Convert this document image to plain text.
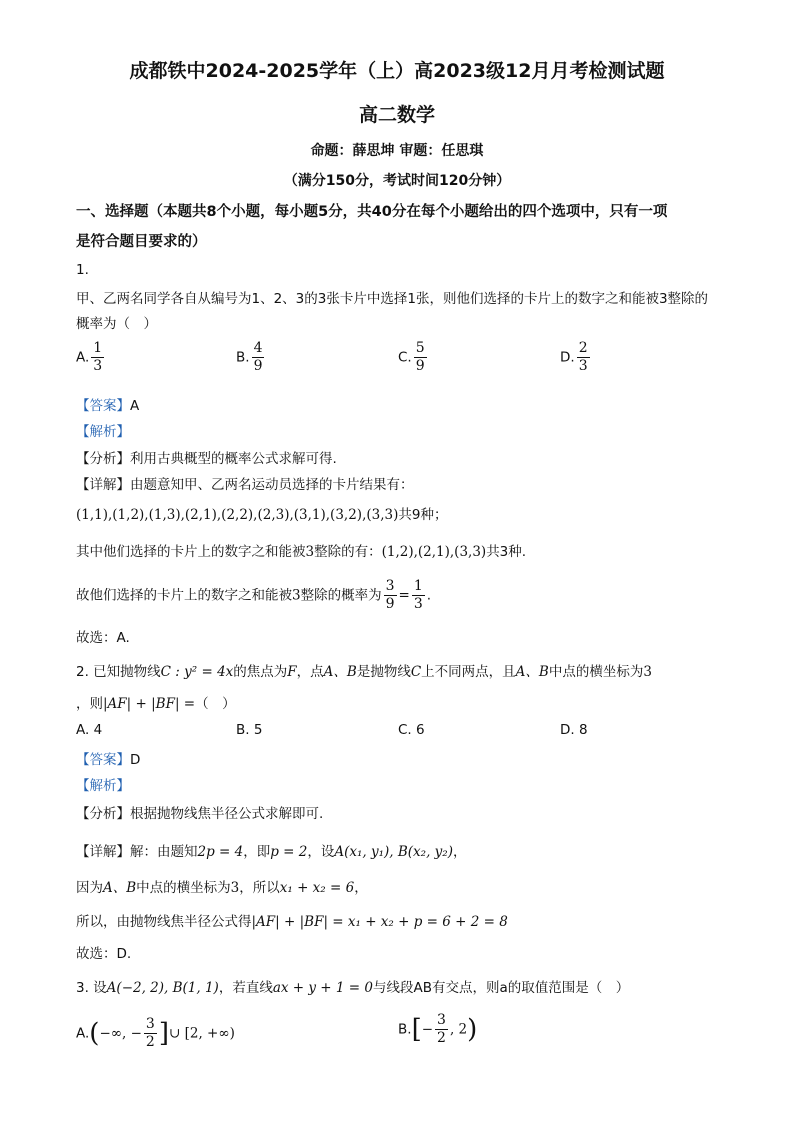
成都铁中2024-2025学年（上）高2023级12月月考检测试题
高二数学
命题：薛思坤 审题：任思琪
（满分150分，考试时间120分钟）
一、选择题（本题共8个小题，每小题5分，共40分在每个小题给出的四个选项中，只有一项
是符合题目要求的）
1.
甲、乙两名同学各自从编号为1、2、3的3张卡片中选择1张，则他们选择的卡片上的数字之和能被3整除的
概率为（　）
A. $\frac{1}{3}$	B. $\frac{4}{9}$	C. $\frac{5}{9}$	D. $\frac{2}{3}$
【答案】A
【解析】
【分析】利用古典概型的概率公式求解可得.
【详解】由题意知甲、乙两名运动员选择的卡片结果有：
(1,1),(1,2),(1,3),(2,1),(2,2),(2,3),(3,1),(3,2),(3,3)共9种；
其中他们选择的卡片上的数字之和能被3整除的有：(1,2),(2,1),(3,3)共3种.
故他们选择的卡片上的数字之和能被3整除的概率为 $\frac{3}{9} = \frac{1}{3}$ .
故选：A.
2. 已知抛物线C : y² = 4x的焦点为F，点A、B是抛物线C上不同两点，且A、B中点的横坐标为3
，则|AF| + |BF| =（　）
A. 4	B. 5	C. 6	D. 8
【答案】D
【解析】
【分析】根据抛物线焦半径公式求解即可.
【详解】解：由题知2p = 4，即p = 2，设A(x₁, y₁), B(x₂, y₂)，
因为A、B中点的横坐标为3，所以x₁ + x₂ = 6，
所以，由抛物线焦半径公式得|AF| + |BF| = x₁ + x₂ + p = 6 + 2 = 8
故选：D.
3. 设A(−2, 2), B(1, 1)，若直线ax + y + 1 = 0与线段AB有交点，则a的取值范围是（　）
A.(−∞, − $\frac{3}{2}$ ]∪ [2, +∞)	$B.[- \frac{3}{2}$ , 2)
